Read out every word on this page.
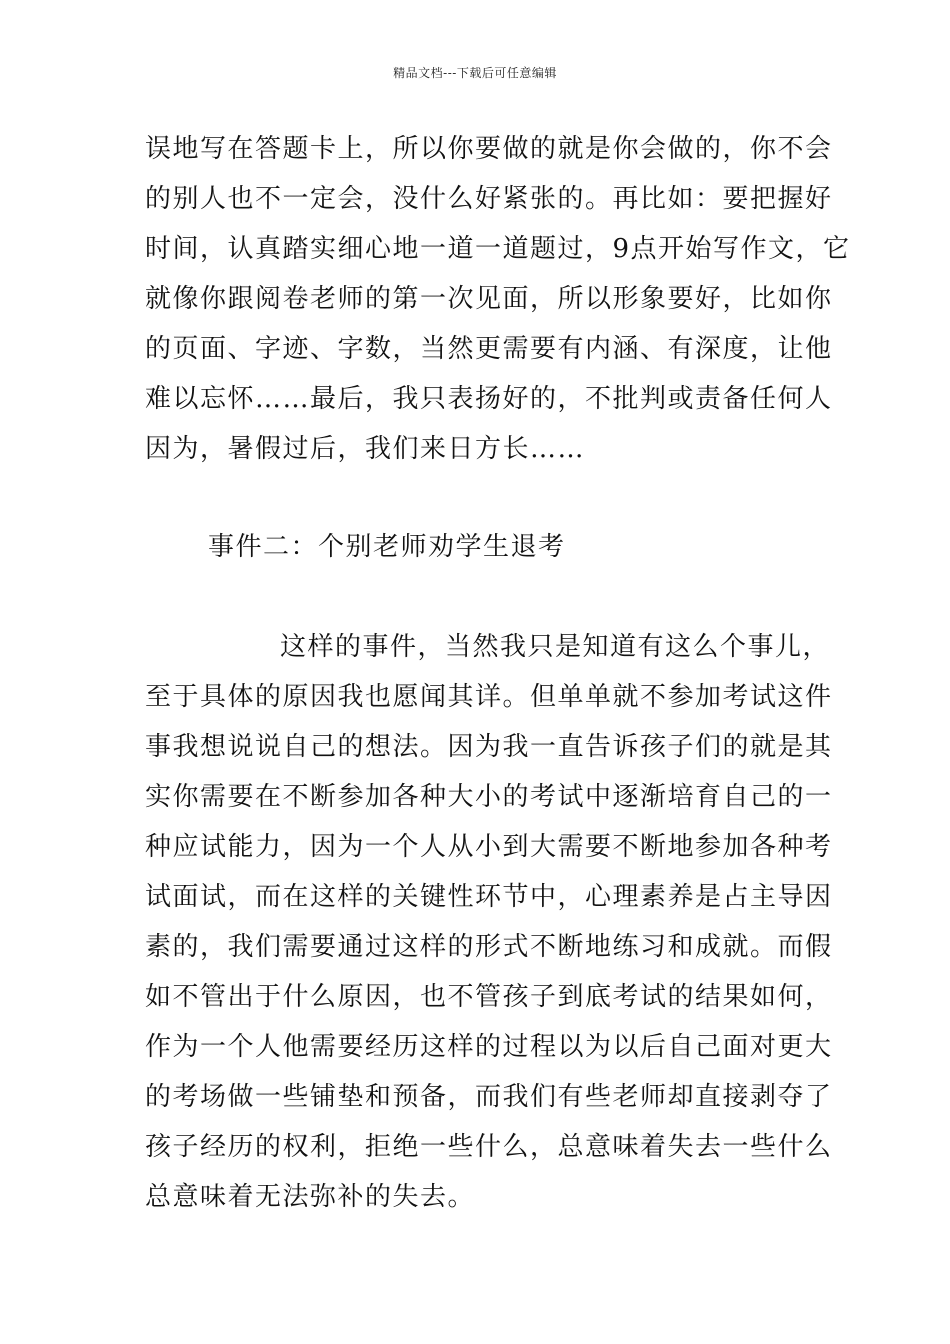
精品文档---下载后可任意编辑
误地写在答题卡上，所以你要做的就是你会做的，你不会
的别人也不一定会，没什么好紧张的。再比如：要把握好
时间，认真踏实细心地一道一道题过，9点开始写作文，它
就像你跟阅卷老师的第一次见面，所以形象要好，比如你
的页面、字迹、字数，当然更需要有内涵、有深度，让他
难以忘怀……最后，我只表扬好的，不批判或责备任何人
因为，暑假过后，我们来日方长……
事件二：个别老师劝学生退考
这样的事件，当然我只是知道有这么个事儿，
至于具体的原因我也愿闻其详。但单单就不参加考试这件
事我想说说自己的想法。因为我一直告诉孩子们的就是其
实你需要在不断参加各种大小的考试中逐渐培育自己的一
种应试能力，因为一个人从小到大需要不断地参加各种考
试面试，而在这样的关键性环节中，心理素养是占主导因
素的，我们需要通过这样的形式不断地练习和成就。而假
如不管出于什么原因，也不管孩子到底考试的结果如何，
作为一个人他需要经历这样的过程以为以后自己面对更大
的考场做一些铺垫和预备，而我们有些老师却直接剥夺了
孩子经历的权利，拒绝一些什么，总意味着失去一些什么
总意味着无法弥补的失去。
